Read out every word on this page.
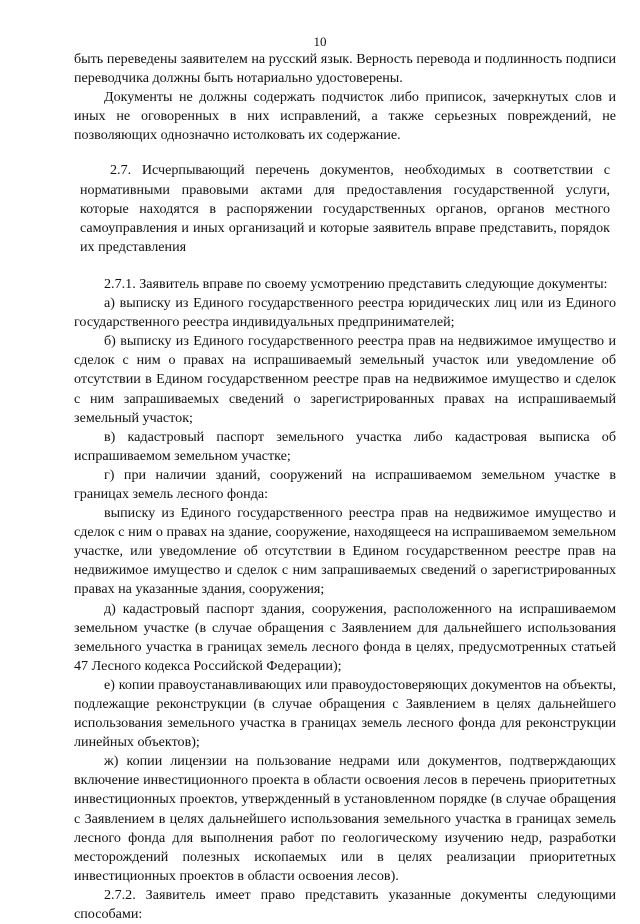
10

быть переведены заявителем на русский язык. Верность перевода и подлинность подписи переводчика должны быть нотариально удостоверены.

Документы не должны содержать подчисток либо приписок, зачеркнутых слов и иных не оговоренных в них исправлений, а также серьезных повреждений, не позволяющих однозначно истолковать их содержание.

2.7. Исчерпывающий перечень документов, необходимых в соответствии с нормативными правовыми актами для предоставления государственной услуги, которые находятся в распоряжении государственных органов, органов местного самоуправления и иных организаций и которые заявитель вправе представить, порядок их представления

2.7.1. Заявитель вправе по своему усмотрению представить следующие документы:

а) выписку из Единого государственного реестра юридических лиц или из Единого государственного реестра индивидуальных предпринимателей;

б) выписку из Единого государственного реестра прав на недвижимое имущество и сделок с ним о правах на испрашиваемый земельный участок или уведомление об отсутствии в Едином государственном реестре прав на недвижимое имущество и сделок с ним запрашиваемых сведений о зарегистрированных правах на испрашиваемый земельный участок;

в) кадастровый паспорт земельного участка либо кадастровая выписка об испрашиваемом земельном участке;

г) при наличии зданий, сооружений на испрашиваемом земельном участке в границах земель лесного фонда:

выписку из Единого государственного реестра прав на недвижимое имущество и сделок с ним о правах на здание, сооружение, находящееся на испрашиваемом земельном участке, или уведомление об отсутствии в Едином государственном реестре прав на недвижимое имущество и сделок с ним запрашиваемых сведений о зарегистрированных правах на указанные здания, сооружения;

д) кадастровый паспорт здания, сооружения, расположенного на испрашиваемом земельном участке (в случае обращения с Заявлением для дальнейшего использования земельного участка в границах земель лесного фонда в целях, предусмотренных статьей 47 Лесного кодекса Российской Федерации);

е) копии правоустанавливающих или правоудостоверяющих документов на объекты, подлежащие реконструкции (в случае обращения с Заявлением в целях дальнейшего использования земельного участка в границах земель лесного фонда для реконструкции линейных объектов);

ж) копии лицензии на пользование недрами или документов, подтверждающих включение инвестиционного проекта в области освоения лесов в перечень приоритетных инвестиционных проектов, утвержденный в установленном порядке (в случае обращения с Заявлением в целях дальнейшего использования земельного участка в границах земель лесного фонда для выполнения работ по геологическому изучению недр, разработки месторождений полезных ископаемых или в целях реализации приоритетных инвестиционных проектов в области освоения лесов).

2.7.2. Заявитель имеет право представить указанные документы следующими способами:
